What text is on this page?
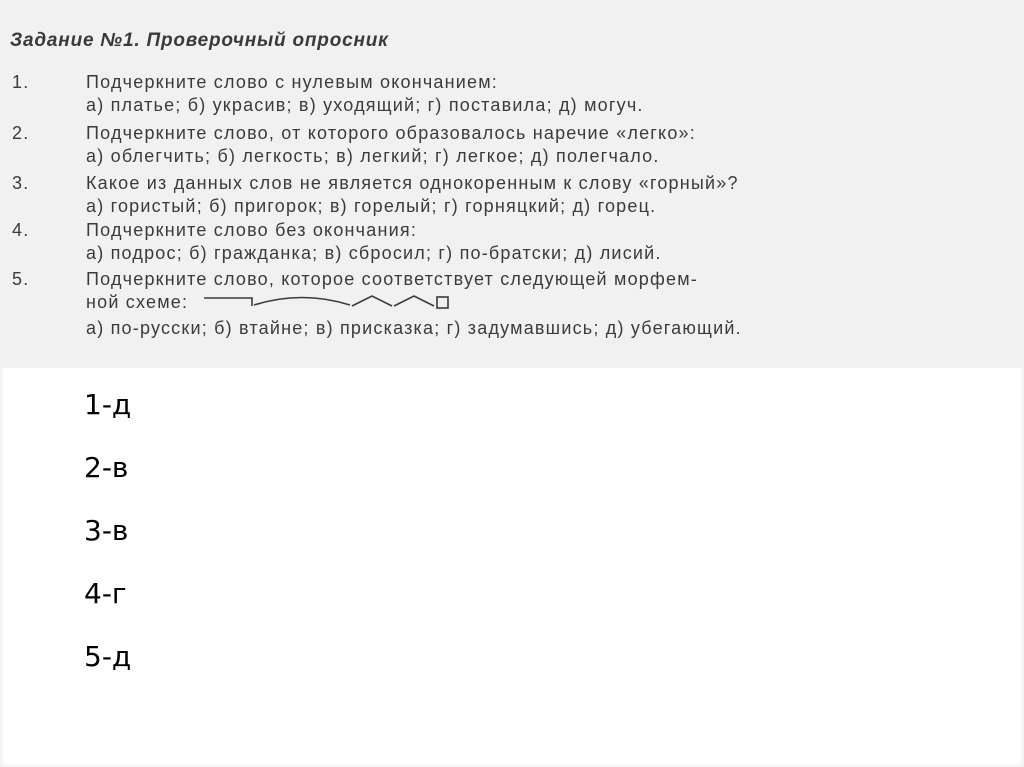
Задание №1. Проверочный опросник
1.	Подчеркните слово с нулевым окончанием:
а) платье; б) украсив; в) уходящий; г) поставила; д) могуч.
2.	Подчеркните слово, от которого образовалось наречие «легко»:
а) облегчить; б) легкость; в) легкий; г) легкое; д) полегчало.
3.	Какое из данных слов не является однокоренным к слову «горный»?
а) гористый; б) пригорок; в) горелый; г) горняцкий; д) горец.
4.	Подчеркните слово без окончания:
а) подрос; б) гражданка; в) сбросил; г) по-братски; д) лисий.
5.	Подчеркните слово, которое соответствует следующей морфем-
ной схеме:
а) по-русски; б) втайне; в) присказка; г) задумавшись; д) убегающий.
1-д
2-в
3-в
4-г
5-д
